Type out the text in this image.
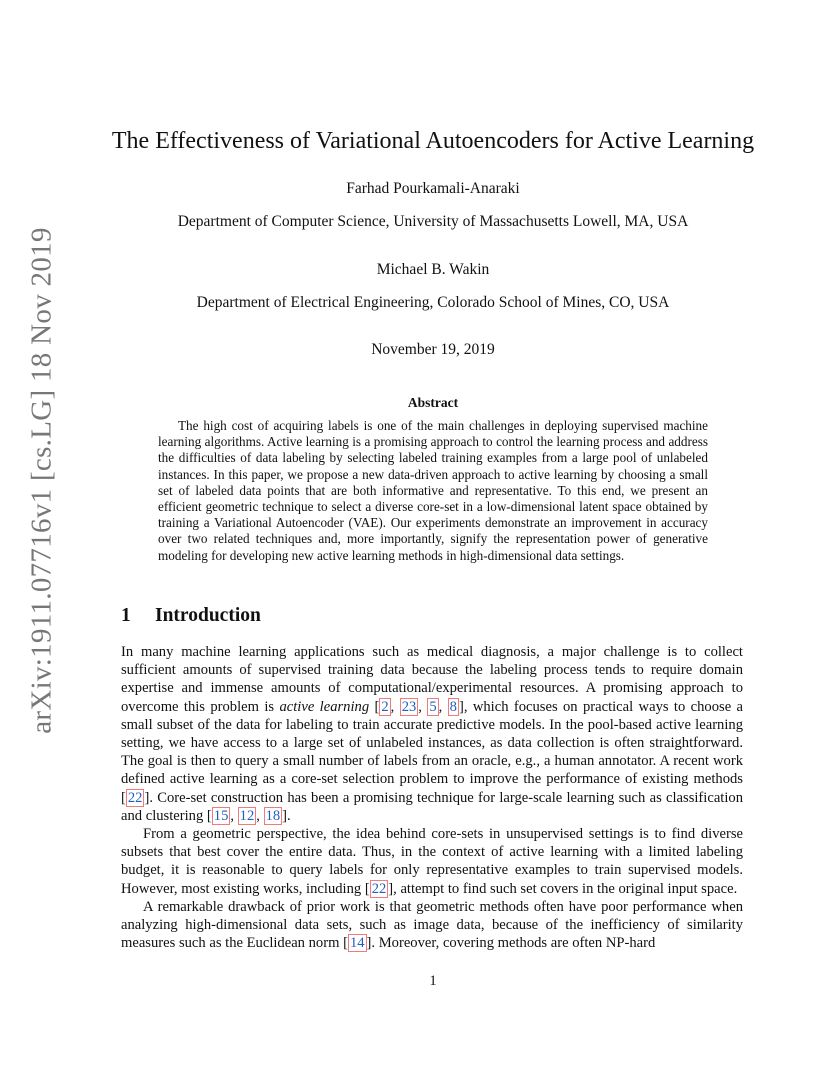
arXiv:1911.07716v1 [cs.LG] 18 Nov 2019
The Effectiveness of Variational Autoencoders for Active Learning
Farhad Pourkamali-Anaraki
Department of Computer Science, University of Massachusetts Lowell, MA, USA
Michael B. Wakin
Department of Electrical Engineering, Colorado School of Mines, CO, USA
November 19, 2019
Abstract

The high cost of acquiring labels is one of the main challenges in deploying supervised machine learning algorithms. Active learning is a promising approach to control the learning process and address the difficulties of data labeling by selecting labeled training examples from a large pool of unlabeled instances. In this paper, we propose a new data-driven approach to active learning by choosing a small set of labeled data points that are both informative and representative. To this end, we present an efficient geometric technique to select a diverse core-set in a low-dimensional latent space obtained by training a Variational Autoencoder (VAE). Our experiments demonstrate an improvement in accuracy over two related techniques and, more importantly, signify the representation power of generative modeling for developing new active learning methods in high-dimensional data settings.

1 Introduction

In many machine learning applications such as medical diagnosis, a major challenge is to collect sufficient amounts of supervised training data because the labeling process tends to require domain expertise and immense amounts of computational/experimental resources. A promising approach to overcome this problem is active learning [ 2 , 23 , 5 , 8 ], which focuses on practical ways to choose a small subset of the data for labeling to train accurate predictive models. In the pool-based active learning setting, we have access to a large set of unlabeled instances, as data collection is often straightforward. The goal is then to query a small number of labels from an oracle, e.g., a human annotator. A recent work defined active learning as a core-set selection problem to improve the performance of existing methods [ 22 ]. Core-set construction has been a promising technique for large-scale learning such as classification and clustering [ 15 , 12 , 18 ].

From a geometric perspective, the idea behind core-sets in unsupervised settings is to find diverse subsets that best cover the entire data. Thus, in the context of active learning with a limited labeling budget, it is reasonable to query labels for only representative examples to train supervised models. However, most existing works, including [ 22 ], attempt to find such set covers in the original input space.

A remarkable drawback of prior work is that geometric methods often have poor performance when analyzing high-dimensional data sets, such as image data, because of the inefficiency of similarity measures such as the Euclidean norm [ 14 ]. Moreover, covering methods are often NP-hard

1
